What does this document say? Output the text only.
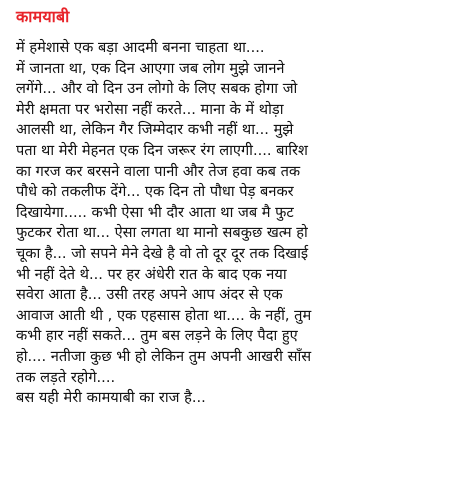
कामयाबी
में हमेशासे एक बड़ा आदमी बनना चाहता था....
में जानता था, एक दिन आएगा जब लोग मुझे जानने
लगेंगे... और वो दिन उन लोगो के लिए सबक होगा जो
मेरी क्षमता पर भरोसा नहीं करते... माना के में थोड़ा
आलसी था, लेकिन गैर जिम्मेदार कभी नहीं था... मुझे
पता था मेरी मेहनत एक दिन जरूर रंग लाएगी.... बारिश
का गरज कर बरसने वाला पानी और तेज हवा कब तक
पौधे को तकलीफ देंगे... एक दिन तो पौधा पेड़ बनकर
दिखायेगा..... कभी ऐसा भी दौर आता था जब मै फुट
फुटकर रोता था... ऐसा लगता था मानो सबकुछ खत्म हो
चूका है... जो सपने मेने देखे है वो तो दूर दूर तक दिखाई
भी नहीं देते थे... पर हर अंधेरी रात के बाद एक नया
सवेरा आता है... उसी तरह अपने आप अंदर से एक
आवाज आती थी , एक एहसास होता था.... के नहीं, तुम
कभी हार नहीं सकते... तुम बस लड़ने के लिए पैदा हुए
हो.... नतीजा कुछ भी हो लेकिन तुम अपनी आखरी साँस
तक लड़ते रहोगे....
बस यही मेरी कामयाबी का राज है...
